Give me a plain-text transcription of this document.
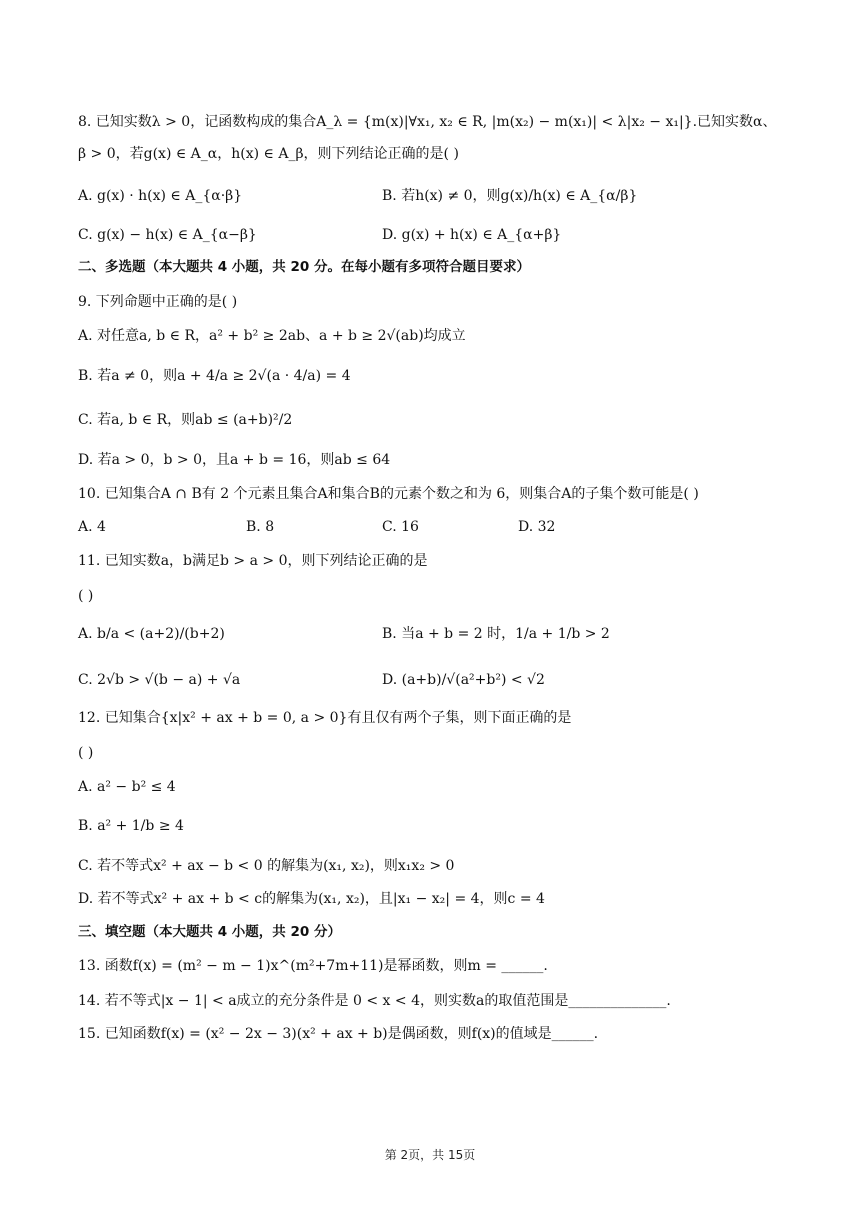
8. 已知实数λ > 0，记函数构成的集合A_λ = {m(x)|∀x₁, x₂ ∈ R, |m(x₂) − m(x₁)| < λ|x₂ − x₁|}.已知实数α、
β > 0，若g(x) ∈ A_α，h(x) ∈ A_β，则下列结论正确的是( )
A. g(x) · h(x) ∈ A_{α·β}	B. 若h(x) ≠ 0，则g(x)/h(x) ∈ A_{α/β}
C. g(x) − h(x) ∈ A_{α−β}	D. g(x) + h(x) ∈ A_{α+β}
二、多选题（本大题共 4 小题，共 20 分。在每小题有多项符合题目要求）
9. 下列命题中正确的是( )
A. 对任意a, b ∈ R，a² + b² ≥ 2ab、a + b ≥ 2√(ab)均成立
B. 若a ≠ 0，则a + 4/a ≥ 2√(a · 4/a) = 4
C. 若a, b ∈ R，则ab ≤ (a+b)²/2
D. 若a > 0，b > 0，且a + b = 16，则ab ≤ 64
10. 已知集合A ∩ B有 2 个元素且集合A和集合B的元素个数之和为 6，则集合A的子集个数可能是( )
A. 4	B. 8	C. 16	D. 32
11. 已知实数a，b满足b > a > 0，则下列结论正确的是
( )
A. b/a < (a+2)/(b+2)	B. 当a + b = 2 时，1/a + 1/b > 2
C. 2√b > √(b − a) + √a	D. (a+b)/√(a²+b²) < √2
12. 已知集合{x|x² + ax + b = 0, a > 0}有且仅有两个子集，则下面正确的是
( )
A. a² − b² ≤ 4
B. a² + 1/b ≥ 4
C. 若不等式x² + ax − b < 0 的解集为(x₁, x₂)，则x₁x₂ > 0
D. 若不等式x² + ax + b < c的解集为(x₁, x₂)，且|x₁ − x₂| = 4，则c = 4
三、填空题（本大题共 4 小题，共 20 分）
13. 函数f(x) = (m² − m − 1)x^(m²+7m+11)是幂函数，则m = ______.
14. 若不等式|x − 1| < a成立的充分条件是 0 < x < 4，则实数a的取值范围是______________.
15. 已知函数f(x) = (x² − 2x − 3)(x² + ax + b)是偶函数，则f(x)的值域是______.
第 2页，共 15页
